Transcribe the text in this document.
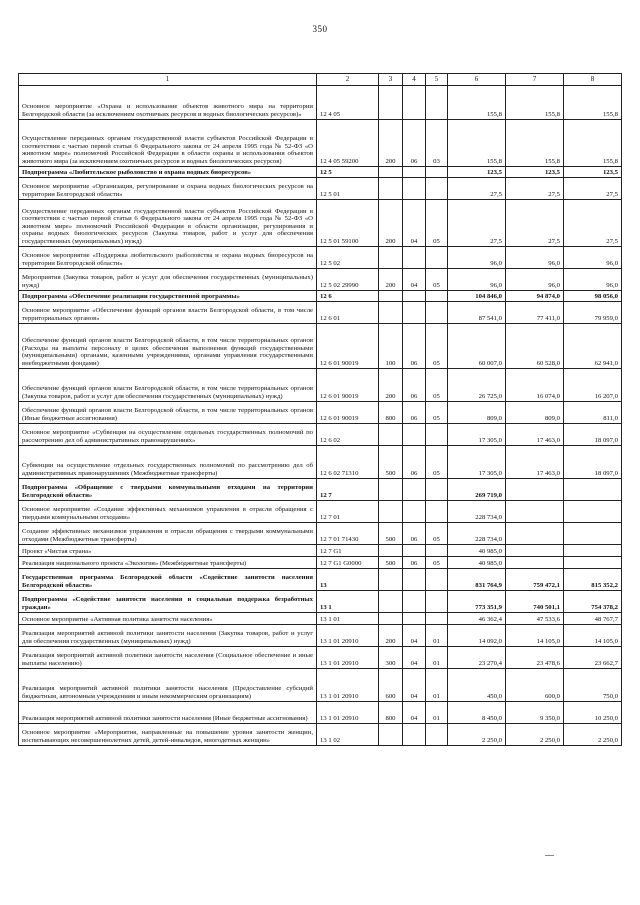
350
1	2	3	4	5	6	7	8
Основное мероприятие «Охрана и использование объектов животного мира на территории Белгородской области (за исключением охотничьих ресурсов и водных биологических ресурсов)»	12 4 05				155,8	155,8	155,8
Осуществление переданных органам государственной власти субъектов Российской Федерации в соответствии с частью первой статьи 6 Федерального закона от 24 апреля 1995 года № 52-ФЗ «О животном мире» полномочий Российской Федерации в области охраны и использования объектов животного мира (за исключением охотничьих ресурсов и водных биологических ресурсов)	12 4 05 59200	200	06	03	155,8	155,8	155,8
Подпрограмма «Любительское рыболовство и охрана водных биоресурсов»	12 5				123,5	123,5	123,5
Основное мероприятие «Организация, регулирование и охрана водных биологических ресурсов на территории Белгородской области»	12 5 01				27,5	27,5	27,5
Осуществление переданных органам государственной власти субъектов Российской Федерации в соответствии с частью первой статьи 6 Федерального закона от 24 апреля 1995 года № 52-ФЗ «О животном мире» полномочий Российской Федерации в области организации, регулирования и охраны водных биологических ресурсов (Закупка товаров, работ и услуг для обеспечения государственных (муниципальных) нужд)	12 5 01 59100	200	04	05	27,5	27,5	27,5
Основное мероприятие «Поддержка любительского рыболовства и охрана водных биоресурсов на территории Белгородской области»	12 5 02				96,0	96,0	96,0
Мероприятия (Закупка товаров, работ и услуг для обеспечения государственных (муниципальных) нужд)	12 5 02 29990	200	04	05	96,0	96,0	96,0
Подпрограмма «Обеспечение реализации государственной программы»	12 6				104 846,0	94 874,0	98 056,0
Основное мероприятие «Обеспечение функций органов власти Белгородской области, в том числе территориальных органов»	12 6 01				87 541,0	77 411,0	79 959,0
Обеспечение функций органов власти Белгородской области, в том числе территориальных органов (Расходы на выплаты персоналу в целях обеспечения выполнения функций государственными (муниципальными) органами, казенными учреждениями, органами управления государственными внебюджетными фондами)	12 6 01 90019	100	06	05	60 007,0	60 528,0	62 941,0
Обеспечение функций органов власти Белгородской области, в том числе территориальных органов (Закупка товаров, работ и услуг для обеспечения государственных (муниципальных) нужд)	12 6 01 90019	200	06	05	26 725,0	16 074,0	16 207,0
Обеспечение функций органов власти Белгородской области, в том числе территориальных органов (Иные бюджетные ассигнования)	12 6 01 90019	800	06	05	809,0	809,0	811,0
Основное мероприятие «Субвенция на осуществление отдельных государственных полномочий по рассмотрению дел об административных правонарушениях»	12 6 02				17 305,0	17 463,0	18 097,0
Субвенции на осуществление отдельных государственных полномочий по рассмотрению дел об административных правонарушениях (Межбюджетные трансферты)	12 6 02 71310	500	06	05	17 305,0	17 463,0	18 097,0
Подпрограмма «Обращение с твердыми коммунальными отходами на территории Белгородской области»	12 7				269 719,0		
Основное мероприятие «Создание эффективных механизмов управления в отрасли обращения с твердыми коммунальными отходами»	12 7 01				228 734,0		
Создание эффективных механизмов управления в отрасли обращения с твердыми коммунальными отходами (Межбюджетные трансферты)	12 7 01 71430	500	06	05	228 734,0		
Проект «Чистая страна»	12 7 G1				40 985,0		
Реализация национального проекта «Экология» (Межбюджетные трансферты)	12 7 G1 G0000	500	06	05	40 985,0		
Государственная программа Белгородской области «Содействие занятости населения Белгородской области»	13				831 764,9	759 472,1	815 352,2
Подпрограмма «Содействие занятости населения и социальная поддержка безработных граждан»	13 1				773 351,9	740 501,1	754 378,2
Основное мероприятие «Активная политика занятости населения»	13 1 01				46 362,4	47 533,6	48 767,7
Реализация мероприятий активной политики занятости населения (Закупка товаров, работ и услуг для обеспечения государственных (муниципальных) нужд)	13 1 01 20910	200	04	01	14 092,0	14 105,0	14 105,0
Реализация мероприятий активной политики занятости населения (Социальное обеспечение и иные выплаты населению)	13 1 01 20910	300	04	01	23 270,4	23 478,6	23 662,7
Реализация мероприятий активной политики занятости населения (Предоставление субсидий бюджетным, автономным учреждениям и иным некоммерческим организациям)	13 1 01 20910	600	04	01	450,0	600,0	750,0
Реализация мероприятий активной политики занятости населения (Иные бюджетные ассигнования)	13 1 01 20910	800	04	01	8 450,0	9 350,0	10 250,0
Основное мероприятие «Мероприятия, направленные на повышение уровня занятости женщин, воспитывающих несовершеннолетних детей, детей-инвалидов, многодетных женщин»	13 1 02				2 250,0	2 250,0	2 250,0
